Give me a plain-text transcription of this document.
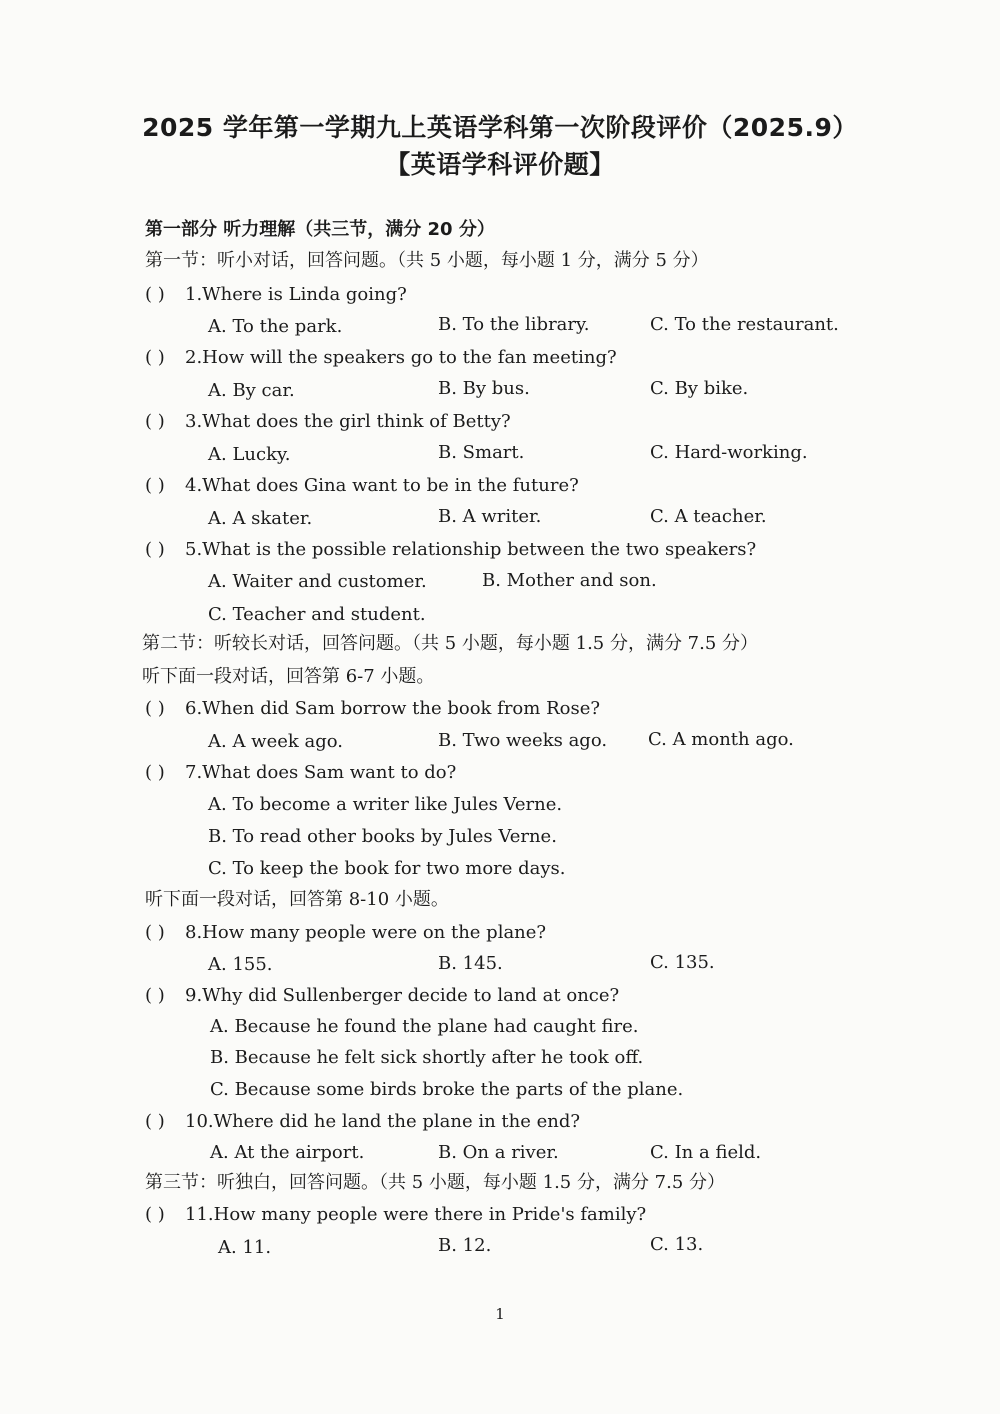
2025 学年第一学期九上英语学科第一次阶段评价（2025.9）
【英语学科评价题】
第一部分 听力理解（共三节，满分 20 分）
第一节：听小对话，回答问题。（共 5 小题，每小题 1 分，满分 5 分）
( ) 1.Where is Linda going?
A. To the park.	B. To the library.	C. To the restaurant.
( ) 2.How will the speakers go to the fan meeting?
A. By car.	B. By bus.	C. By bike.
( ) 3.What does the girl think of Betty?
A. Lucky.	B. Smart.	C. Hard-working.
( ) 4.What does Gina want to be in the future?
A. A skater.	B. A writer.	C. A teacher.
( ) 5.What is the possible relationship between the two speakers?
A. Waiter and customer.	B. Mother and son.
C. Teacher and student.
第二节：听较长对话，回答问题。（共 5 小题，每小题 1.5 分，满分 7.5 分）
听下面一段对话，回答第 6-7 小题。
( ) 6.When did Sam borrow the book from Rose?
A. A week ago.	B. Two weeks ago. C. A month ago.
( ) 7.What does Sam want to do?
A. To become a writer like Jules Verne.
B. To read other books by Jules Verne.
C. To keep the book for two more days.
听下面一段对话，回答第 8-10 小题。
( ) 8.How many people were on the plane?
A. 155.	B. 145.	C. 135.
( ) 9.Why did Sullenberger decide to land at once?
A. Because he found the plane had caught fire.
B. Because he felt sick shortly after he took off.
C. Because some birds broke the parts of the plane.
( ) 10.Where did he land the plane in the end?
A. At the airport.	B. On a river.	C. In a field.
第三节：听独白，回答问题。（共 5 小题，每小题 1.5 分，满分 7.5 分）
( ) 11.How many people were there in Pride's family?
A. 11.	B. 12.	C. 13.
1
